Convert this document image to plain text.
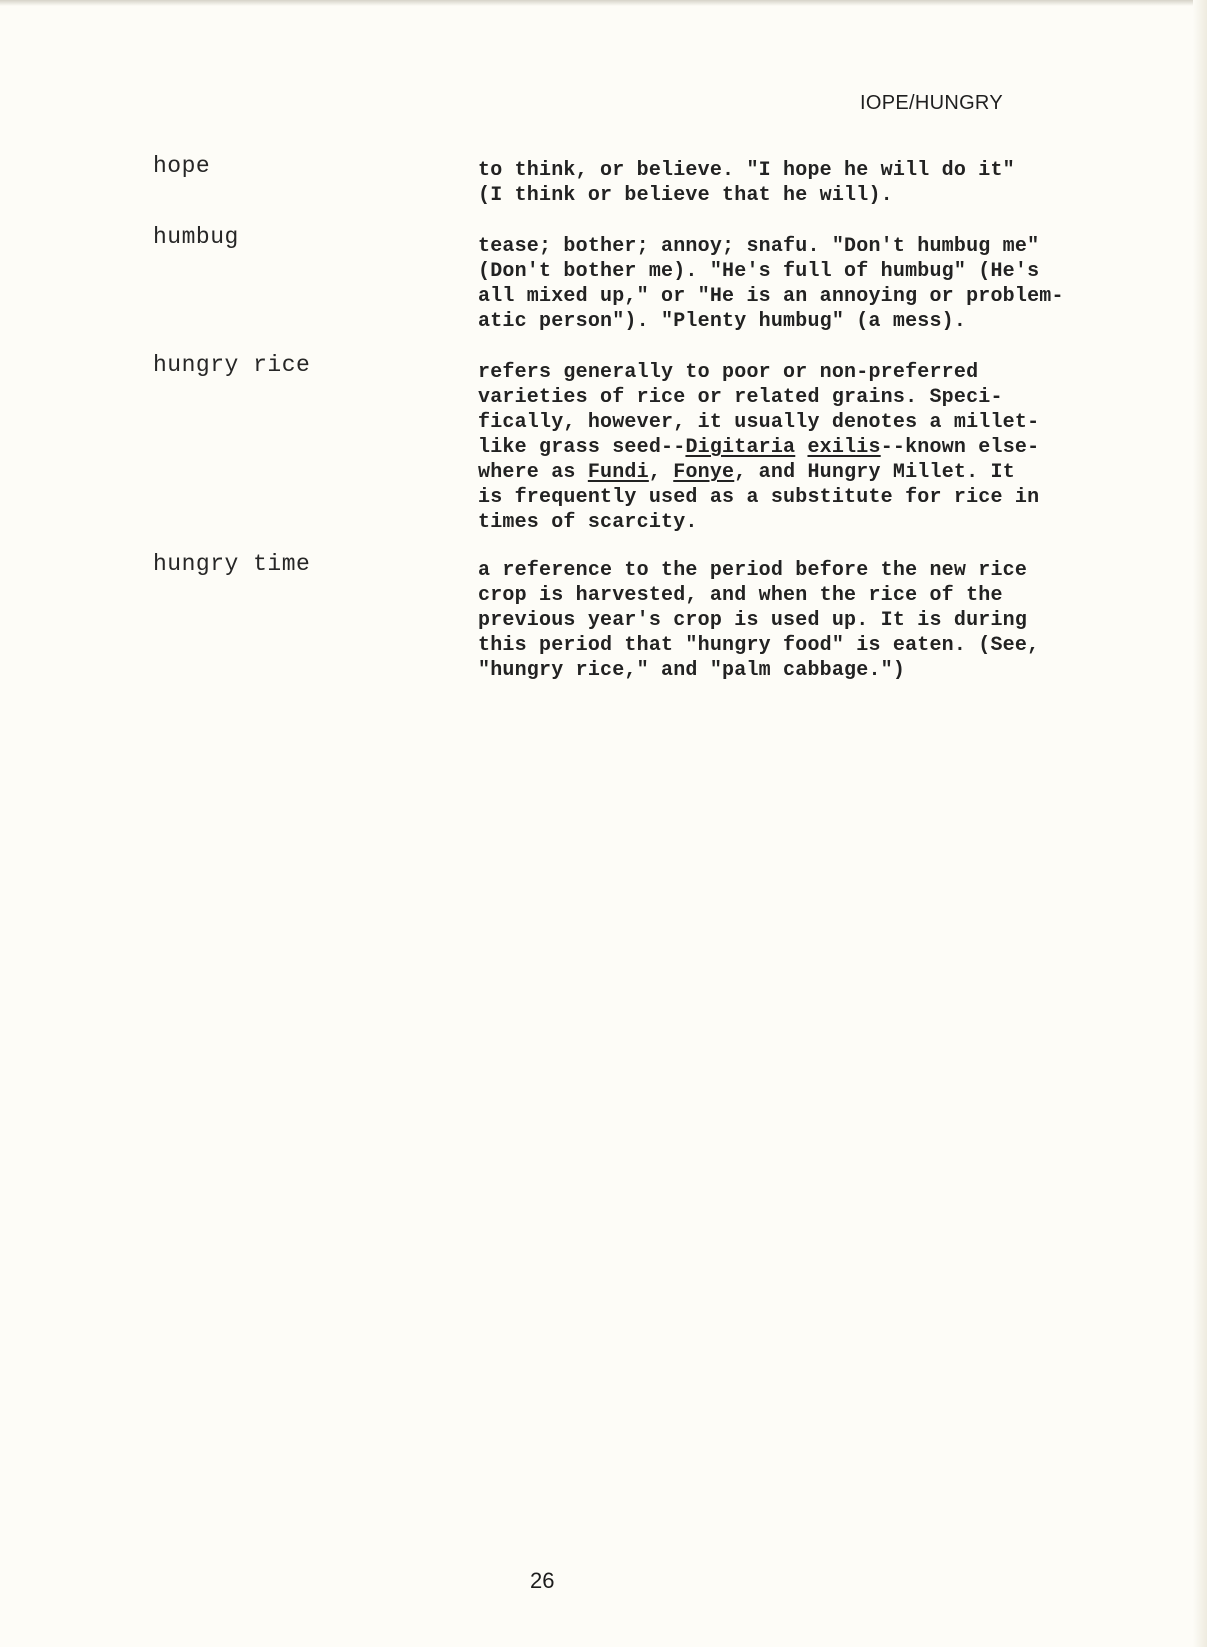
IOPE/HUNGRY
hope	to think, or believe. "I hope he will do it"
(I think or believe that he will).
humbug	tease; bother; annoy; snafu. "Don't humbug me"
(Don't bother me). "He's full of humbug" (He's
all mixed up," or "He is an annoying or problem-
atic person"). "Plenty humbug" (a mess).
hungry rice	refers generally to poor or non-preferred
varieties of rice or related grains. Speci-
fically, however, it usually denotes a millet-
like grass seed--Digitaria exilis--known else-
where as Fundi, Fonye, and Hungry Millet. It
is frequently used as a substitute for rice in
times of scarcity.
hungry time	a reference to the period before the new rice
crop is harvested, and when the rice of the
previous year's crop is used up. It is during
this period that "hungry food" is eaten. (See,
"hungry rice," and "palm cabbage.")
26
